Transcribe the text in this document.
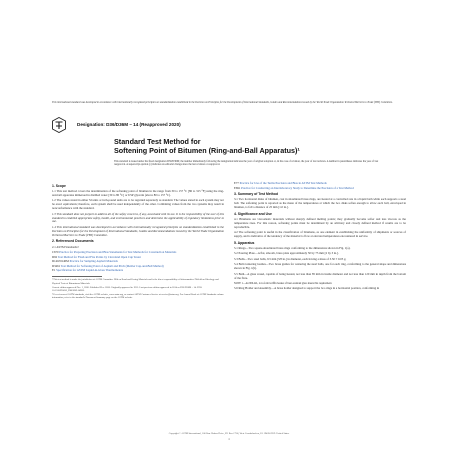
This international standard was developed in accordance with internationally recognized principles on standardization established in the Decision on Principles for the Development of International Standards, Guides and Recommendations issued by the World Trade Organization Technical Barriers to Trade (TBT) Committee.
Designation: D36/D36M – 14 (Reapproved 2020)
Standard Test Method for
Softening Point of Bitumen (Ring-and-Ball Apparatus)¹
This standard is issued under the fixed designation D36/D36M; the number immediately following the designation indicates the year of original adoption or, in the case of revision, the year of last revision. A number in parentheses indicates the year of last reapproval. A superscript epsilon (ε) indicates an editorial change since the last revision or reapproval.
1. Scope
1.1 This test method covers the determination of the softening point of bitumen in the range from 30 to 157 °C [86 to 315 °F] using the ring-and-ball apparatus immersed in distilled water [30 to 80 °C] or USP glycerin (above 80 to 157 °C).
1.2 The values stated in either SI units or inch-pound units are to be regarded separately as standard. The values stated in each system may not be exact equivalents; therefore, each system shall be used independently of the other. Combining values from the two systems may result in nonconformance with the standard.
1.3 This standard does not purport to address all of the safety concerns, if any, associated with its use. It is the responsibility of the user of this standard to establish appropriate safety, health, and environmental practices and determine the applicability of regulatory limitations prior to use.
1.4 This international standard was developed in accordance with internationally recognized principles on standardization established in the Decision on Principles for the Development of International Standards, Guides and Recommendations issued by the World Trade Organization Technical Barriers to Trade (TBT) Committee.
2. Referenced Documents
2.1 ASTM Standards:²
C670 Practice for Preparing Precision and Bias Statements for Test Methods for Construction Materials
D92 Test Method for Flash and Fire Points by Cleveland Open Cup Tester
D140/D140M Practice for Sampling Asphalt Materials
D3461 Test Method for Softening Point of Asphalt and Pitch (Mettler Cup-and-Ball Method)
E1 Specification for ASTM Liquid-in-Glass Thermometers
¹ This test method is under the jurisdiction of ASTM Committee D04 on Road and Paving Materials and is the direct responsibility of Subcommittee D04.44 on Rheology and Physical Tests of Bituminous Materials.
Current edition approved Dec. 1, 2020. Published Dec. 2020. Originally approved in 1915. Last previous edition approved in 2014 as D36/D36M – 14. DOI: 10.1520/D0036_D0036M-14R20.
² For referenced ASTM standards, visit the ASTM website, www.astm.org, or contact ASTM Customer Service at service@astm.org. For Annual Book of ASTM Standards volume information, refer to the standard's Document Summary page on the ASTM website.
E77 Practice for Use of the Terms Precision and Bias in ASTM Test Methods
E691 Practice for Conducting an Interlaboratory Study to Determine the Precision of a Test Method
3. Summary of Test Method
3.1 Two horizontal disks of bitumen, cast in shouldered brass rings, are heated at a controlled rate in a liquid bath while each supports a steel ball. The softening point is reported as the mean of the temperatures at which the two disks soften enough to allow each ball, enveloped in bitumen, to fall a distance of 25 mm [1.0 in.].
4. Significance and Use
4.1 Bitumens are viscoelastic materials without sharply defined melting points; they gradually become softer and less viscous as the temperature rises. For this reason, softening points must be determined by an arbitrary and closely defined method if results are to be reproducible.
4.2 The softening point is useful in the classification of bitumens, as one element in establishing the uniformity of shipments or sources of supply, and is indicative of the tendency of the material to flow at elevated temperatures encountered in service.
5. Apparatus
5.1 Rings—Two square-shouldered brass rings conforming to the dimensions shown in Fig. 1(a).
5.2 Pouring Plate—A flat, smooth, brass plate approximately 50 by 75 mm [2 by 3 in.].
5.3 Balls—Two steel balls, 9.5 mm [3/8 in.] in diameter, each having a mass of 3.50 ± 0.05 g.
5.4 Ball-Centering Guides—Two brass guides for centering the steel balls, one for each ring, conforming to the general shape and dimensions shown in Fig. 1(b).
5.5 Bath—A glass vessel, capable of being heated, not less than 85 mm in inside diameter and not less than 120 mm in depth from the bottom of the flare.
NOTE 1—An 800-mL, low-form Griffin beaker of heat-resistant glass meets this requirement.
5.6 Ring Holder and Assembly—A brass holder designed to support the two rings in a horizontal position, conforming in
Copyright © ASTM International, 100 Barr Harbor Drive, PO Box C700, West Conshohocken, PA 19428-2959. United States
1
